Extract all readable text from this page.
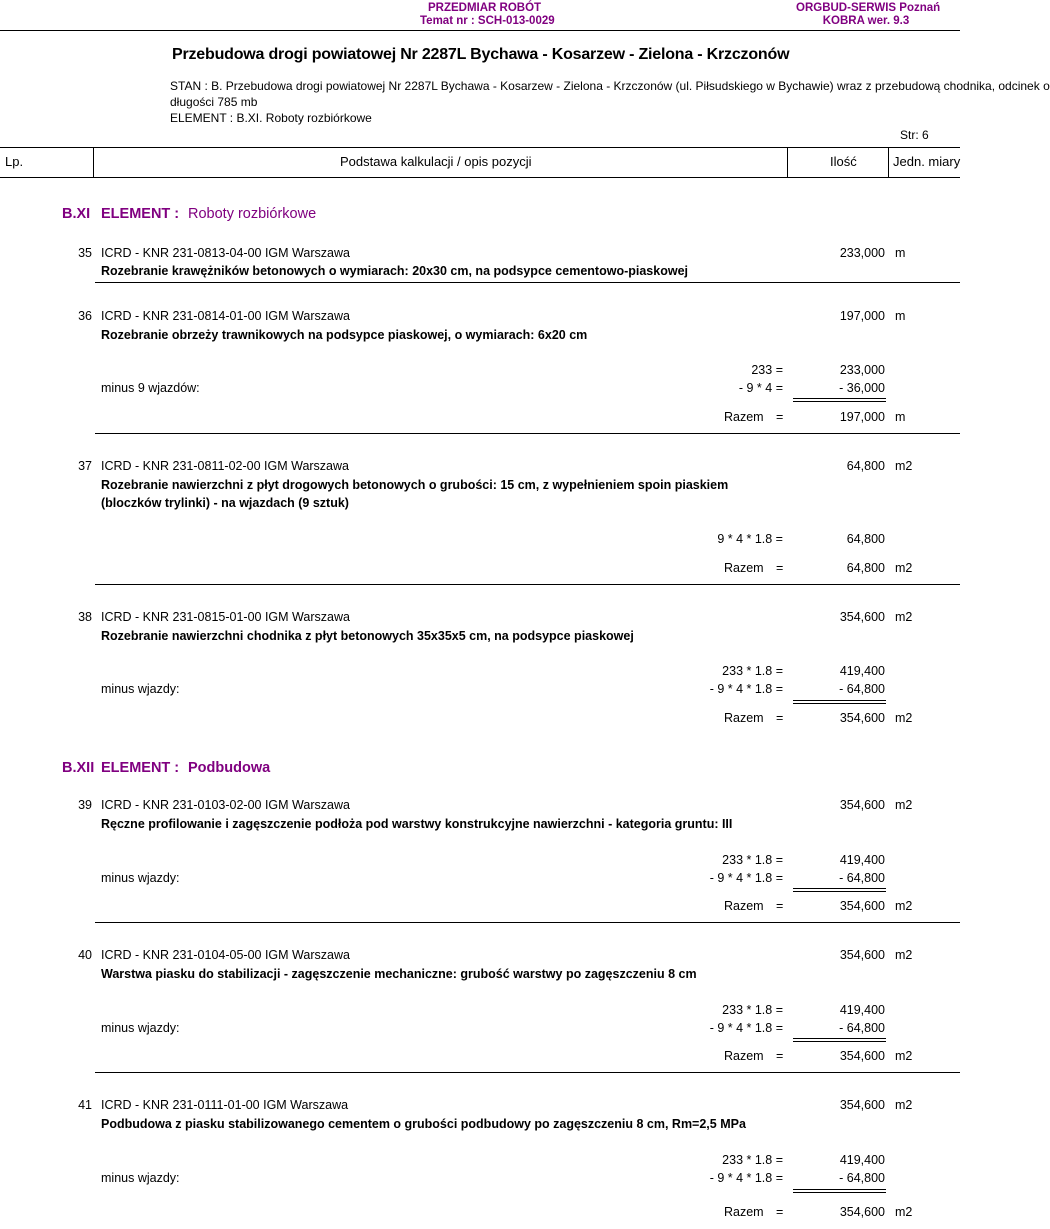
PRZEDMIAR ROBÓT
Temat nr : SCH-013-0029
ORGBUD-SERWIS Poznań
KOBRA wer. 9.3
Przebudowa drogi powiatowej Nr 2287L Bychawa - Kosarzew - Zielona - Krzczonów
STAN : B. Przebudowa drogi powiatowej Nr 2287L Bychawa - Kosarzew - Zielona - Krzczonów (ul. Piłsudskiego w Bychawie) wraz z przebudową chodnika, odcinek o
długości 785 mb
ELEMENT : B.XI. Roboty rozbiórkowe
Str: 6
Lp.	Podstawa kalkulacji / opis pozycji	Ilość	Jedn. miary
B.XI ELEMENT : Roboty rozbiórkowe
35 ICRD - KNR 231-0813-04-00 IGM Warszawa	233,000 m
Rozebranie krawężników betonowych o wymiarach: 20x30 cm, na podsypce cementowo-piaskowej
36 ICRD - KNR 231-0814-01-00 IGM Warszawa	197,000 m
Rozebranie obrzeży trawnikowych na podsypce piaskowej, o wymiarach: 6x20 cm
233 =	233,000
minus 9 wjazdów:	- 9 * 4 =	- 36,000
Razem =	197,000 m
37 ICRD - KNR 231-0811-02-00 IGM Warszawa	64,800 m2
Rozebranie nawierzchni z płyt drogowych betonowych o grubości: 15 cm, z wypełnieniem spoin piaskiem
(bloczków trylinki) - na wjazdach (9 sztuk)
9 * 4 * 1.8 =	64,800
Razem =	64,800 m2
38 ICRD - KNR 231-0815-01-00 IGM Warszawa	354,600 m2
Rozebranie nawierzchni chodnika z płyt betonowych 35x35x5 cm, na podsypce piaskowej
233 * 1.8 =	419,400
minus wjazdy:	- 9 * 4 * 1.8 =	- 64,800
Razem =	354,600 m2
B.XII ELEMENT : Podbudowa
39 ICRD - KNR 231-0103-02-00 IGM Warszawa	354,600 m2
Ręczne profilowanie i zagęszczenie podłoża pod warstwy konstrukcyjne nawierzchni - kategoria gruntu: III
233 * 1.8 =	419,400
minus wjazdy:	- 9 * 4 * 1.8 =	- 64,800
Razem =	354,600 m2
40 ICRD - KNR 231-0104-05-00 IGM Warszawa	354,600 m2
Warstwa piasku do stabilizacji - zagęszczenie mechaniczne: grubość warstwy po zagęszczeniu 8 cm
233 * 1.8 =	419,400
minus wjazdy:	- 9 * 4 * 1.8 =	- 64,800
Razem =	354,600 m2
41 ICRD - KNR 231-0111-01-00 IGM Warszawa	354,600 m2
Podbudowa z piasku stabilizowanego cementem o grubości podbudowy po zagęszczeniu 8 cm, Rm=2,5 MPa
233 * 1.8 =	419,400
minus wjazdy:	- 9 * 4 * 1.8 =	- 64,800
Razem =	354,600 m2
